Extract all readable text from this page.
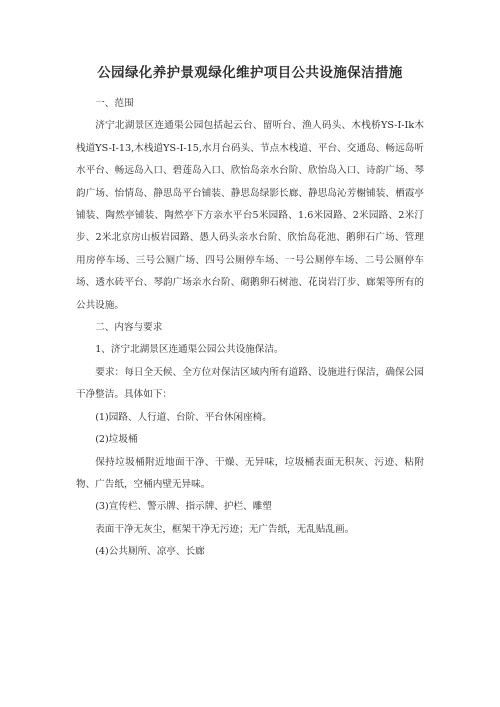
公园绿化养护景观绿化维护项目公共设施保洁措施

一、范围

济宁北湖景区连通渠公园包括起云台、留听台、渔人码头、木栈桥YS-I-Ik木栈道YS-I-13,木栈道YS-I-15,水月台码头、节点木栈道、平台、交通岛、畅远岛听水平台、畅远岛入口、碧莲岛入口、欣怡岛亲水台阶、欣怡岛入口、诗韵广场、琴韵广场、怡情岛、静思岛平台铺装、静思岛绿影长廊、静思岛沁芳榭铺装、栖霞亭铺装、陶然亭铺装、陶然亭下方亲水平台5米园路、1.6米园路、2米园路、2米汀步、2米北京房山板岩园路、愚人码头亲水台阶、欣怡岛花池、鹅卵石广场、管理用房停车场、三号公厕广场、四号公厕停车场、一号公厕停车场、二号公厕停车场、透水砖平台、琴韵广场亲水台阶、砌鹅卵石树池、花岗岩汀步、廊架等所有的公共设施。

二、内容与要求

1、济宁北湖景区连通渠公园公共设施保洁。

要求：每日全天候、全方位对保洁区域内所有道路、设施进行保洁，确保公园干净整洁。具体如下：

(1)园路、人行道、台阶、平台休闲座椅。

(2)垃圾桶

保持垃圾桶附近地面干净、干燥、无异味，垃圾桶表面无积灰、污迹、粘附物、广告纸，空桶内壁无异味。

(3)宣传栏、警示牌、指示牌、护栏、雕塑

表面干净无灰尘，框架干净无污迹；无广告纸，无乱贴乱画。

(4)公共厕所、凉亭、长廊
